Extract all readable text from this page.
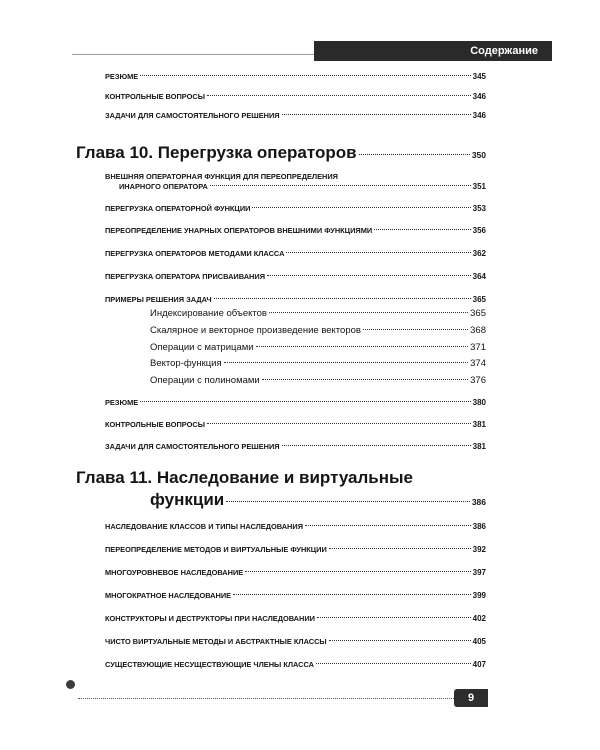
Содержание
РЕЗЮМЕ	345
КОНТРОЛЬНЫЕ ВОПРОСЫ	346
ЗАДАЧИ ДЛЯ САМОСТОЯТЕЛЬНОГО РЕШЕНИЯ	346
Глава 10. Перегрузка операторов	350
ВНЕШНЯЯ ОПЕРАТОРНАЯ ФУНКЦИЯ ДЛЯ ПЕРЕОПРЕДЕЛЕНИЯ
ИНАРНОГО ОПЕРАТОРА	351
ПЕРЕГРУЗКА ОПЕРАТОРНОЙ ФУНКЦИИ	353
ПЕРЕОПРЕДЕЛЕНИЕ УНАРНЫХ ОПЕРАТОРОВ ВНЕШНИМИ ФУНКЦИЯМИ	356
ПЕРЕГРУЗКА ОПЕРАТОРОВ МЕТОДАМИ КЛАССА	362
ПЕРЕГРУЗКА ОПЕРАТОРА ПРИСВАИВАНИЯ	364
ПРИМЕРЫ РЕШЕНИЯ ЗАДАЧ	365
Индексирование объектов	365
Скалярное и векторное произведение векторов	368
Операции с матрицами	371
Вектор-функция	374
Операции с полиномами	376
РЕЗЮМЕ	380
КОНТРОЛЬНЫЕ ВОПРОСЫ	381
ЗАДАЧИ ДЛЯ САМОСТОЯТЕЛЬНОГО РЕШЕНИЯ	381
Глава 11. Наследование и виртуальные
функции	386
НАСЛЕДОВАНИЕ КЛАССОВ И ТИПЫ НАСЛЕДОВАНИЯ	386
ПЕРЕОПРЕДЕЛЕНИЕ МЕТОДОВ И ВИРТУАЛЬНЫЕ ФУНКЦИИ	392
МНОГОУРОВНЕВОЕ НАСЛЕДОВАНИЕ	397
МНОГОКРАТНОЕ НАСЛЕДОВАНИЕ	399
КОНСТРУКТОРЫ И ДЕСТРУКТОРЫ ПРИ НАСЛЕДОВАНИИ	402
ЧИСТО ВИРТУАЛЬНЫЕ МЕТОДЫ И АБСТРАКТНЫЕ КЛАССЫ	405
СУЩЕСТВУЮЩИЕ НЕСУЩЕСТВУЮЩИЕ ЧЛЕНЫ КЛАССА	407
9
